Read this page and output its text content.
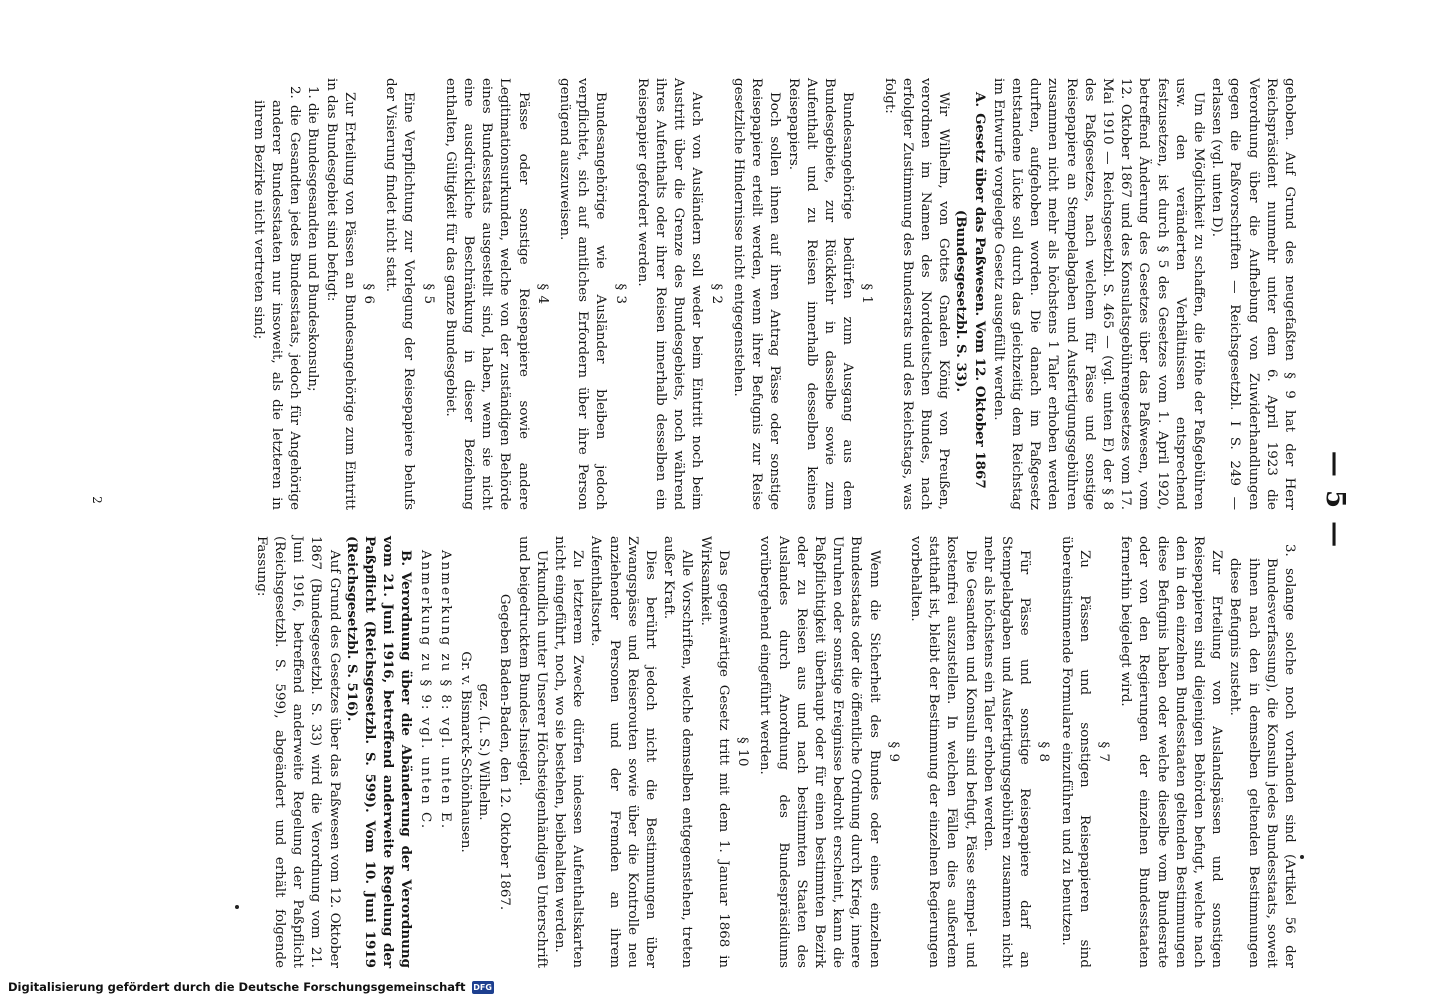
— 5 —

gehoben. Auf Grund des neugefaßten § 9 hat der Herr Reichspräsident nunmehr unter dem 6. April 1923 die Verordnung über die Aufhebung von Zuwiderhandlungen gegen die Paßvorschriften — Reichsgesetzbl. I S. 249 — erlassen (vgl. unten D).

Um die Möglichkeit zu schaffen, die Höhe der Paßgebühren usw. den veränderten Verhältnissen entsprechend festzusetzen, ist durch § 5 des Gesetzes vom 1. April 1920, betreffend Änderung des Gesetzes über das Paßwesen, vom 12. Oktober 1867 und des Konsulatsgebührengesetzes vom 17. Mai 1910 — Reichsgesetzbl. S. 465 — (vgl. unten E) der § 8 des Paßgesetzes, nach welchem für Pässe und sonstige Reisepapiere an Stempelabgaben und Ausfertigungsgebühren zusammen nicht mehr als höchstens 1 Taler erhoben werden durften, aufgehoben worden. Die danach im Paßgesetz entstandene Lücke soll durch das gleichzeitig dem Reichstag im Entwurfe vorgelegte Gesetz ausgefüllt werden.

A.Gesetz über das Paßwesen. Vom 12. Oktober 1867

(Bundesgesetzbl. S. 33).

Wir Wilhelm, von Gottes Gnaden König von Preußen, verordnen im Namen des Norddeutschen Bundes, nach erfolgter Zustimmung des Bundesrats und des Reichstags, was folgt:

§ 1

Bundesangehörige bedürfen zum Ausgang aus dem Bundesgebiete, zur Rückkehr in dasselbe sowie zum Aufenthalt und zu Reisen innerhalb desselben keines Reisepapiers.

Doch sollen ihnen auf ihren Antrag Pässe oder sonstige Reisepapiere erteilt werden, wenn ihrer Befugnis zur Reise gesetzliche Hindernisse nicht entgegenstehen.

§ 2

Auch von Ausländern soll weder beim Eintritt noch beim Austritt über die Grenze des Bundesgebiets, noch während ihres Aufenthalts oder ihrer Reisen innerhalb desselben ein Reisepapier gefordert werden.

§ 3

Bundesangehörige wie Ausländer bleiben jedoch verpflichtet, sich auf amtliches Erfordern über ihre Person genügend auszuweisen.

§ 4

Pässe oder sonstige Reisepapiere sowie andere Legitimationsurkunden, welche von der zuständigen Behörde eines Bundesstaats ausgestellt sind, haben, wenn sie nicht eine ausdrückliche Beschränkung in dieser Beziehung enthalten, Gültigkeit für das ganze Bundesgebiet.

§ 5

Eine Verpflichtung zur Vorlegung der Reisepapiere behufs der Visierung findet nicht statt.

§ 6

Zur Erteilung von Pässen an Bundesangehörige zum Eintritt in das Bundesgebiet sind befugt:

1. die Bundesgesandten und Bundeskonsuln;
2. die Gesandten jedes Bundesstaats, jedoch für Angehörige anderer Bundesstaaten nur insoweit, als die letzteren in ihrem Bezirke nicht vertreten sind;
3. solange solche noch vorhanden sind (Artikel 56 der Bundesverfassung), die Konsuln jedes Bundesstaats, soweit ihnen nach den in demselben geltenden Bestimmungen diese Befugnis zusteht.

Zur Erteilung von Auslandspässen und sonstigen Reisepapieren sind diejenigen Behörden befugt, welche nach den in den einzelnen Bundesstaaten geltenden Bestimmungen diese Befugnis haben oder welche dieselbe vom Bundesrate oder von den Regierungen der einzelnen Bundesstaaten fernerhin beigelegt wird.

§ 7

Zu Pässen und sonstigen Reisepapieren sind übereinstimmende Formulare einzuführen und zu benutzen.

§ 8

Für Pässe und sonstige Reisepapiere darf an Stempelabgaben und Ausfertigungsgebühren zusammen nicht mehr als höchstens ein Taler erhoben werden.

Die Gesandten und Konsuln sind befugt, Pässe stempel- und kostenfrei auszustellen. In welchen Fällen dies außerdem statthaft ist, bleibt der Bestimmung der einzelnen Regierungen vorbehalten.

§ 9

Wenn die Sicherheit des Bundes oder eines einzelnen Bundesstaats oder die öffentliche Ordnung durch Krieg, innere Unruhen oder sonstige Ereignisse bedroht erscheint, kann die Paßpflichtigkeit überhaupt oder für einen bestimmten Bezirk oder zu Reisen aus und nach bestimmten Staaten des Auslandes durch Anordnung des Bundespräsidiums vorübergehend eingeführt werden.

§ 10

Das gegenwärtige Gesetz tritt mit dem 1. Januar 1868 in Wirksamkeit.

Alle Vorschriften, welche demselben entgegenstehen, treten außer Kraft.

Dies berührt jedoch nicht die Bestimmungen über Zwangspässe und Reiserouten sowie über die Kontrolle neu anziehender Personen und der Fremden an ihrem Aufenthaltsorte.

Zu letzterem Zwecke dürfen indessen Aufenthaltskarten nicht eingeführt, noch, wo sie bestehen, beibehalten werden.

Urkundlich unter Unserer Höchsteigenhändigen Unterschrift und beigedrucktem Bundes-Insiegel.

Gegeben Baden-Baden, den 12. Oktober 1867.

gez. (L. S.) Wilhelm.
Gr. v. Bismarck-Schönhausen.
Anmerkung zu § 8: vgl. unten E.
Anmerkung zu § 9: vgl. unten C.

B.Verordnung über die Abänderung der Verordnung vom 21. Juni 1916, betreffend anderweite Regelung der Paßpflicht (Reichsgesetzbl. S. 599). Vom 10. Juni 1919 (Reichsgesetzbl. S. 516).

Auf Grund des Gesetzes über das Paßwesen vom 12. Oktober 1867 (Bundesgesetzbl. S. 33) wird die Verordnung vom 21. Juni 1916, betreffend anderweite Regelung der Paßpflicht (Reichsgesetzbl. S. 599), abgeändert und erhält folgende Fassung:

2
Digitalisierung gefördert durch die Deutsche Forschungsgemeinschaft DFG
